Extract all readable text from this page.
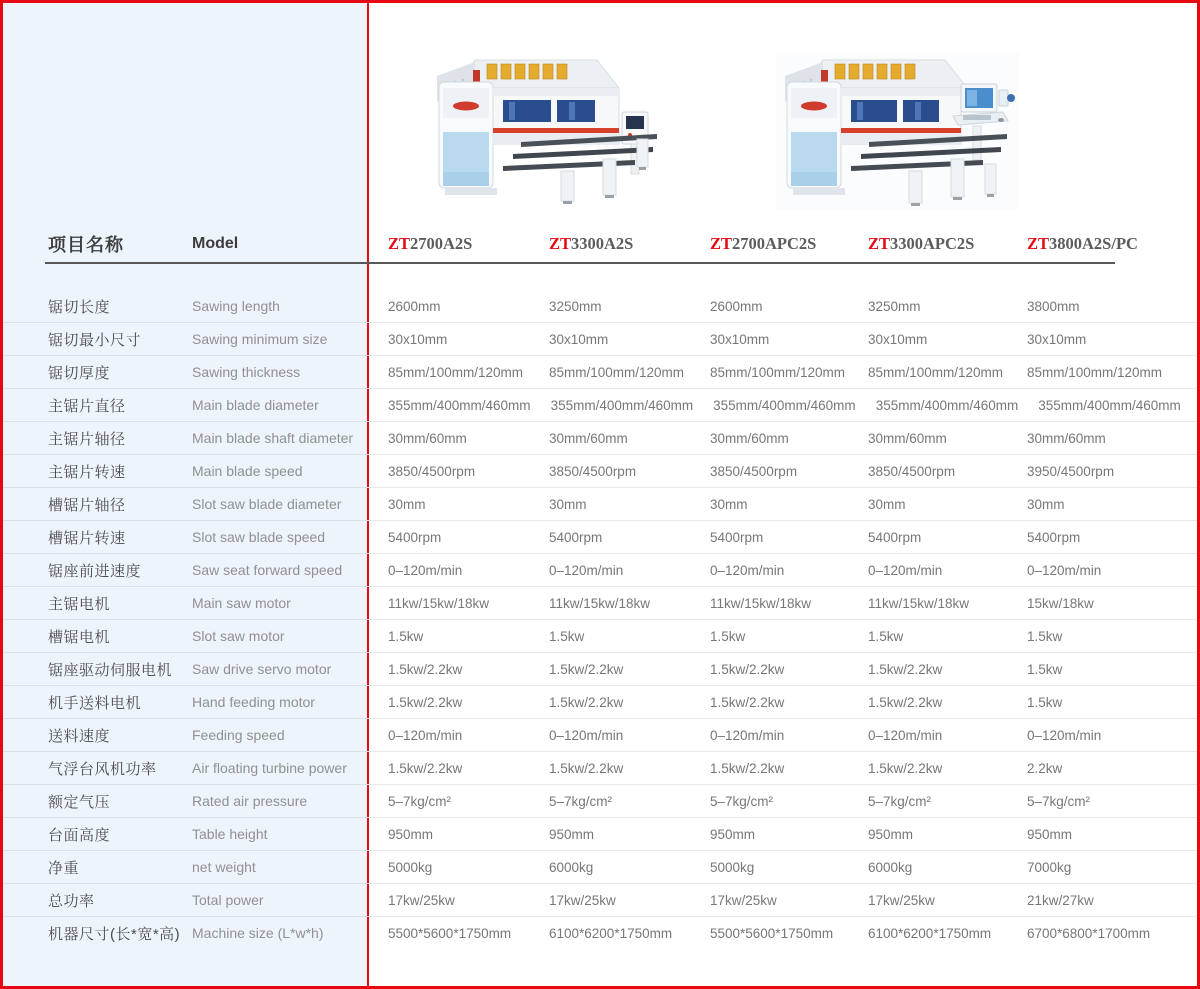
项目名称	Model	ZT 2700A2S	ZT 3300A2S	ZT 2700APC2S	ZT 3300APC2S	ZT 3800A2S/PC
锯切长度	Sawing length	2600mm	3250mm	2600mm	3250mm	3800mm
锯切最小尺寸	Sawing minimum size	30x10mm	30x10mm	30x10mm	30x10mm	30x10mm
锯切厚度	Sawing thickness	85mm/100mm/120mm	85mm/100mm/120mm	85mm/100mm/120mm	85mm/100mm/120mm	85mm/100mm/120mm
主锯片直径	Main blade diameter	355mm/400mm/460mm	355mm/400mm/460mm	355mm/400mm/460mm	355mm/400mm/460mm	355mm/400mm/460mm
主锯片轴径	Main blade shaft diameter	30mm/60mm	30mm/60mm	30mm/60mm	30mm/60mm	30mm/60mm
主锯片转速	Main blade speed	3850/4500rpm	3850/4500rpm	3850/4500rpm	3850/4500rpm	3950/4500rpm
槽锯片轴径	Slot saw blade diameter	30mm	30mm	30mm	30mm	30mm
槽锯片转速	Slot saw blade speed	5400rpm	5400rpm	5400rpm	5400rpm	5400rpm
锯座前进速度	Saw seat forward speed	0–120m/min	0–120m/min	0–120m/min	0–120m/min	0–120m/min
主锯电机	Main saw motor	11kw/15kw/18kw	11kw/15kw/18kw	11kw/15kw/18kw	11kw/15kw/18kw	15kw/18kw
槽锯电机	Slot saw motor	1.5kw	1.5kw	1.5kw	1.5kw	1.5kw
锯座驱动伺服电机	Saw drive servo motor	1.5kw/2.2kw	1.5kw/2.2kw	1.5kw/2.2kw	1.5kw/2.2kw	1.5kw
机手送料电机	Hand feeding motor	1.5kw/2.2kw	1.5kw/2.2kw	1.5kw/2.2kw	1.5kw/2.2kw	1.5kw
送料速度	Feeding speed	0–120m/min	0–120m/min	0–120m/min	0–120m/min	0–120m/min
气浮台风机功率	Air floating turbine power	1.5kw/2.2kw	1.5kw/2.2kw	1.5kw/2.2kw	1.5kw/2.2kw	2.2kw
额定气压	Rated air pressure	5–7kg/cm²	5–7kg/cm²	5–7kg/cm²	5–7kg/cm²	5–7kg/cm²
台面高度	Table height	950mm	950mm	950mm	950mm	950mm
净重	net weight	5000kg	6000kg	5000kg	6000kg	7000kg
总功率	Total power	17kw/25kw	17kw/25kw	17kw/25kw	17kw/25kw	21kw/27kw
机器尺寸(长*宽*高) Machine size (L*w*h)	5500*5600*1750mm	6100*6200*1750mm	5500*5600*1750mm	6100*6200*1750mm	6700*6800*1700mm
